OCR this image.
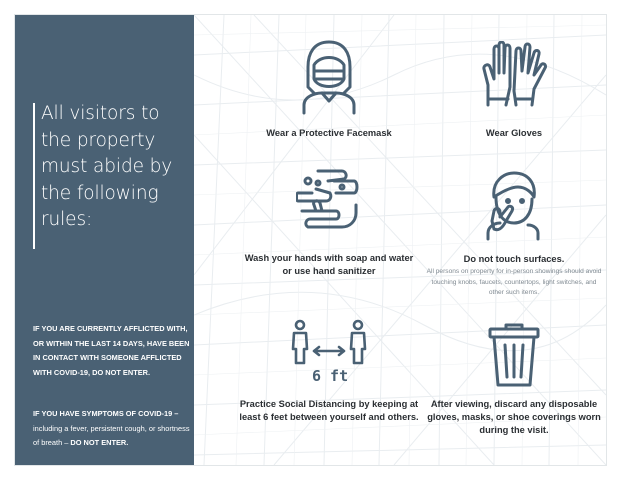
All visitors to the property must abide by the following rules:
IF YOU ARE CURRENTLY AFFLICTED WITH, OR WITHIN THE LAST 14 DAYS, HAVE BEEN IN CONTACT WITH SOMEONE AFFLICTED WITH COVID-19, DO NOT ENTER.
IF YOU HAVE SYMPTOMS OF COVID-19 – including a fever, persistent cough, or shortness of breath – DO NOT ENTER.
Wear a Protective Facemask	Wear Gloves
Wash your hands with soap and water or use hand sanitizer
Do not touch surfaces.
All persons on property for in-person showings should avoid touching knobs, faucets, countertops, light switches, and other such items.
6 ft
Practice Social Distancing by keeping at least 6 feet between yourself and others.
After viewing, discard any disposable gloves, masks, or shoe coverings worn during the visit.
